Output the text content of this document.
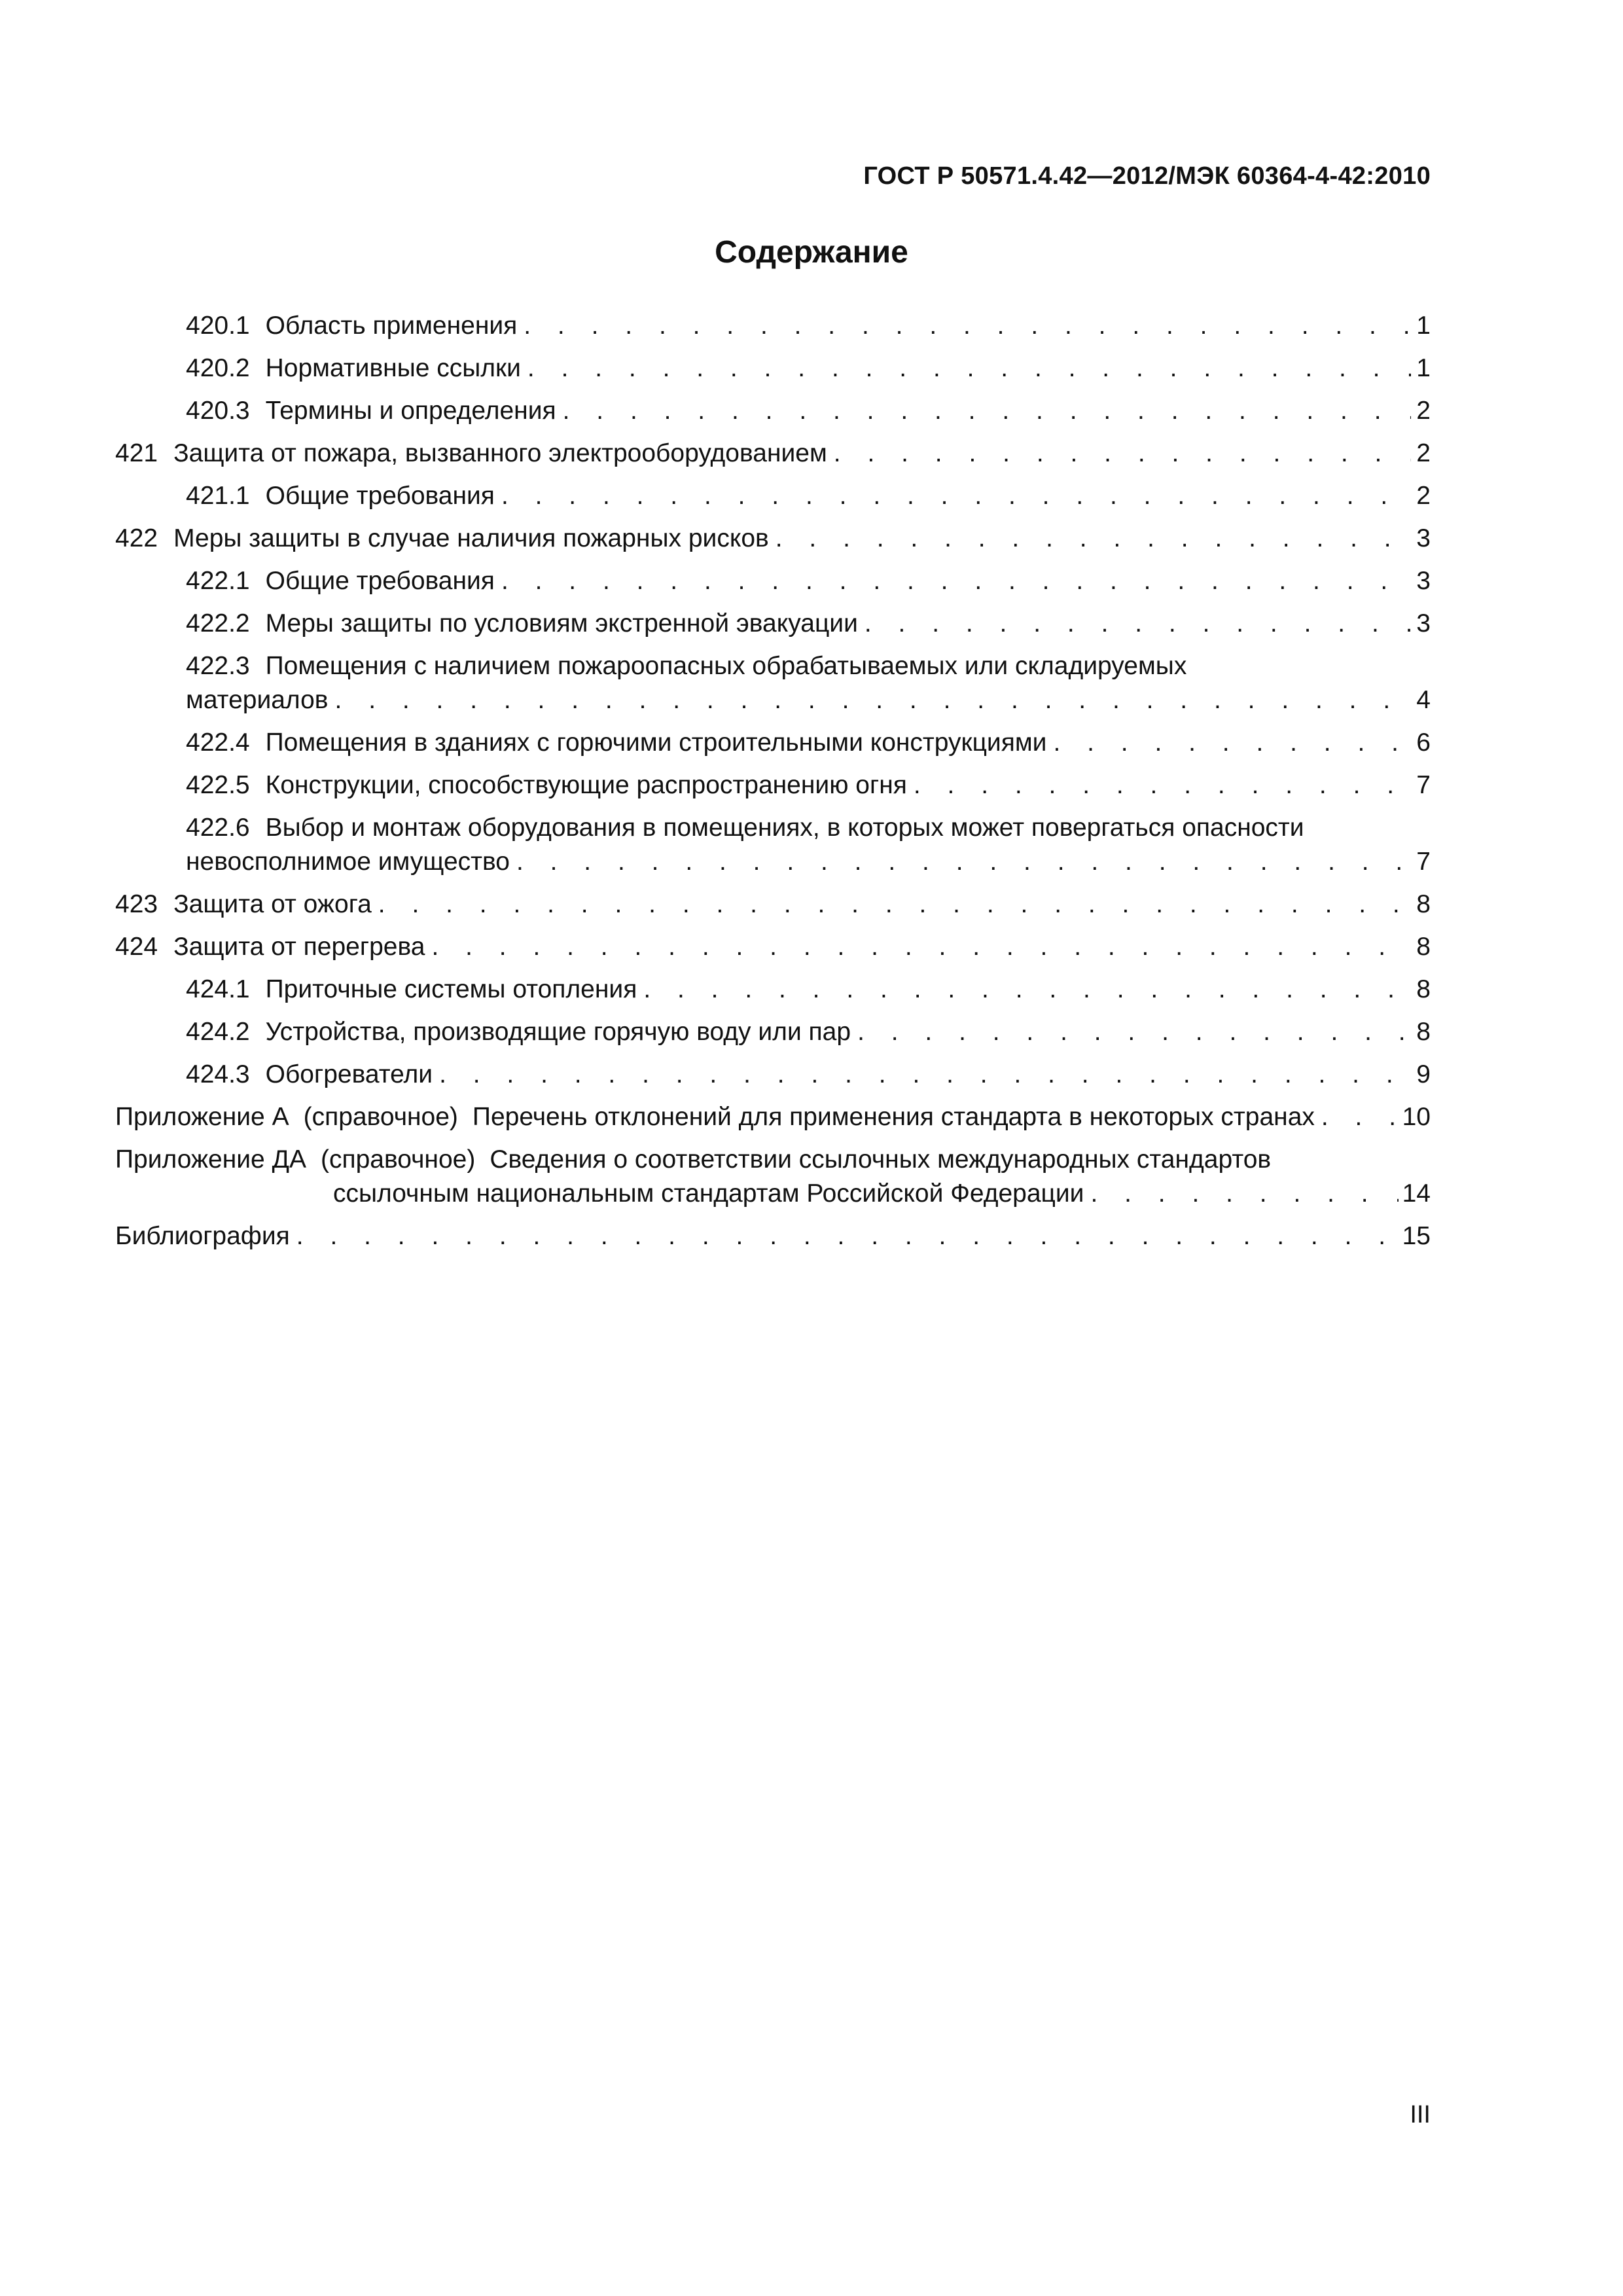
ГОСТ Р 50571.4.42—2012/МЭК 60364-4-42:2010
Содержание
420.1 Область применения . . .	1
420.2 Нормативные ссылки . . .	1
420.3 Термины и определения . . .	2
421 Защита от пожара, вызванного электрооборудованием . . .	2
421.1 Общие требования . . .	2
422 Меры защиты в случае наличия пожарных рисков . . .	3
422.1 Общие требования . . .	3
422.2 Меры защиты по условиям экстренной эвакуации . . .	3
422.3 Помещения с наличием пожароопасных обрабатываемых или складируемых
материалов . . .	4
422.4 Помещения в зданиях с горючими строительными конструкциями . . .	6
422.5 Конструкции, способствующие распространению огня . . .	7
422.6 Выбор и монтаж оборудования в помещениях, в которых может повергаться опасности
невосполнимое имущество . . .	7
423 Защита от ожога . . .	8
424 Защита от перегрева . . .	8
424.1 Приточные системы отопления . . .	8
424.2 Устройства, производящие горячую воду или пар . . .	8
424.3 Обогреватели . . .	9
Приложение А (справочное) Перечень отклонений для применения стандарта в некоторых странах . . .	10
Приложение ДА (справочное) Сведения о соответствии ссылочных международных стандартов
ссылочным национальным стандартам Российской Федерации . . .	14
Библиография . . .	15
III
